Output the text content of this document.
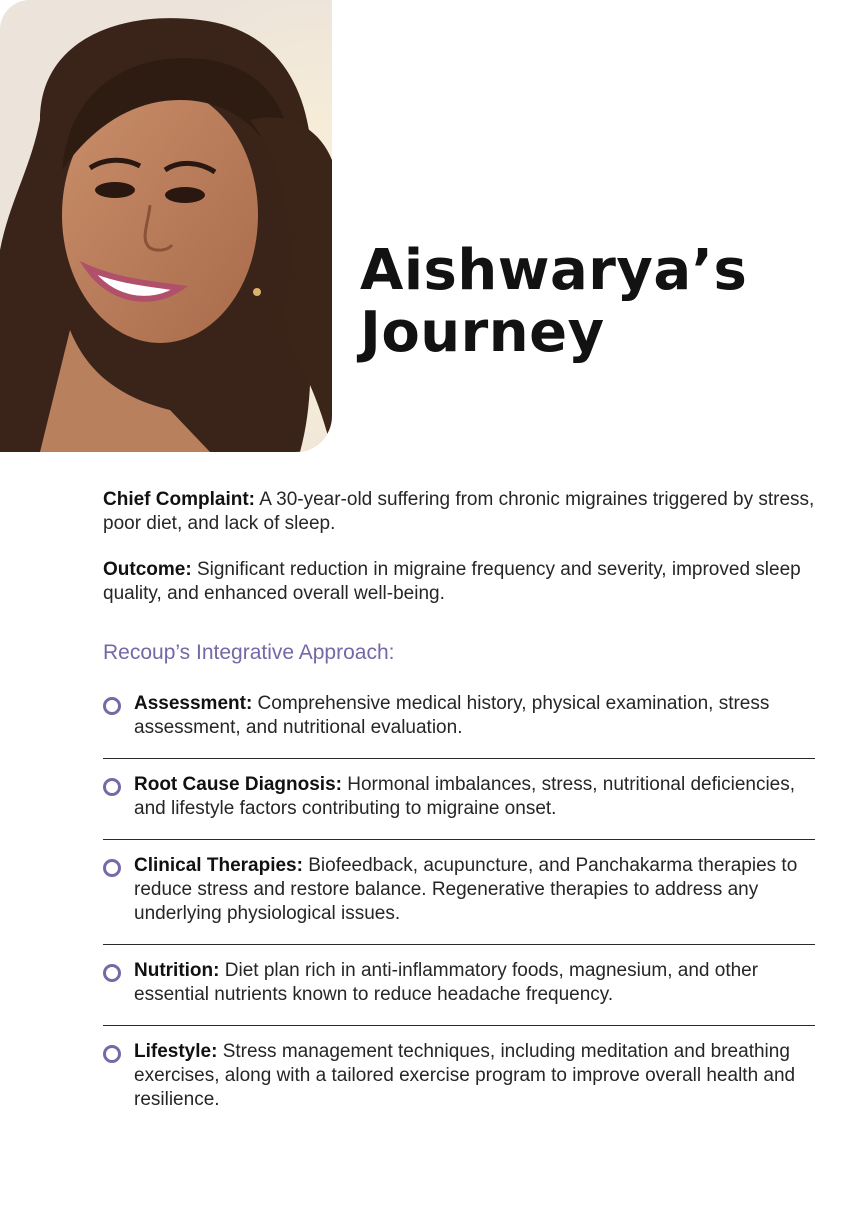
Aishwarya’s
Journey

Chief Complaint: A 30-year-old suffering from chronic migraines triggered by stress, poor diet, and lack of sleep.

Outcome: Significant reduction in migraine frequency and severity, improved sleep quality, and enhanced overall well-being.

Recoup’s Integrative Approach:
Assessment: Comprehensive medical history, physical examination, stress assessment, and nutritional evaluation.
Root Cause Diagnosis: Hormonal imbalances, stress, nutritional deficiencies, and lifestyle factors contributing to migraine onset.
Clinical Therapies: Biofeedback, acupuncture, and Panchakarma therapies to reduce stress and restore balance. Regenerative therapies to address any underlying physiological issues.
Nutrition: Diet plan rich in anti-inflammatory foods, magnesium, and other essential nutrients known to reduce headache frequency.
Lifestyle: Stress management techniques, including meditation and breathing exercises, along with a tailored exercise program to improve overall health and resilience.
